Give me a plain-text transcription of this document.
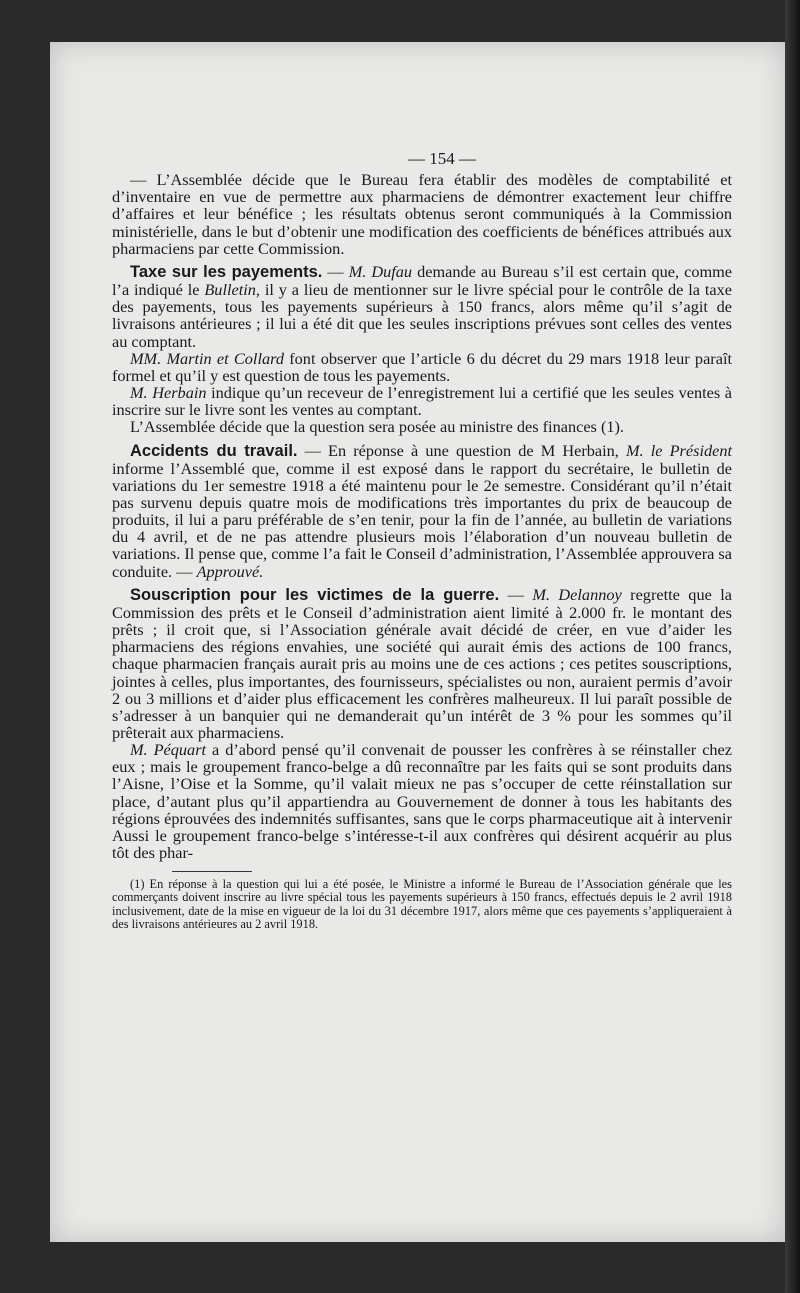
— 154 —

— L’Assemblée décide que le Bureau fera établir des modèles de comptabilité et d’inventaire en vue de permettre aux pharmaciens de démontrer exactement leur chiffre d’affaires et leur bénéfice ; les résultats obtenus seront communiqués à la Commission ministérielle, dans le but d’obtenir une modification des coefficients de bénéfices attribués aux pharmaciens par cette Commission.

Taxe sur les payements. — M. Dufau demande au Bureau s’il est certain que, comme l’a indiqué le Bulletin, il y a lieu de mentionner sur le livre spécial pour le contrôle de la taxe des payements, tous les payements supérieurs à 150 francs, alors même qu’il s’agit de livraisons antérieures ; il lui a été dit que les seules inscriptions prévues sont celles des ventes au comptant.

MM. Martin et Collard font observer que l’article 6 du décret du 29 mars 1918 leur paraît formel et qu’il y est question de tous les payements.

M. Herbain indique qu’un receveur de l’enregistrement lui a certifié que les seules ventes à inscrire sur le livre sont les ventes au comptant.

L’Assemblée décide que la question sera posée au ministre des finances (1).

Accidents du travail. — En réponse à une question de M Herbain, M. le Président informe l’Assemblé que, comme il est exposé dans le rapport du secrétaire, le bulletin de variations du 1er semestre 1918 a été maintenu pour le 2e semestre. Considérant qu’il n’était pas survenu depuis quatre mois de modifications très importantes du prix de beaucoup de produits, il lui a paru préférable de s’en tenir, pour la fin de l’année, au bulletin de variations du 4 avril, et de ne pas attendre plusieurs mois l’élaboration d’un nouveau bulletin de variations. Il pense que, comme l’a fait le Conseil d’administration, l’Assemblée approuvera sa conduite. — Approuvé.

Souscription pour les victimes de la guerre. — M. Delannoy regrette que la Commission des prêts et le Conseil d’administration aient limité à 2.000 fr. le montant des prêts ; il croit que, si l’Association générale avait décidé de créer, en vue d’aider les pharmaciens des régions envahies, une société qui aurait émis des actions de 100 francs, chaque pharmacien français aurait pris au moins une de ces actions ; ces petites souscriptions, jointes à celles, plus importantes, des fournisseurs, spécialistes ou non, auraient permis d’avoir 2 ou 3 millions et d’aider plus efficacement les confrères malheureux. Il lui paraît possible de s’adresser à un banquier qui ne demanderait qu’un intérêt de 3 % pour les sommes qu’il prêterait aux pharmaciens.

M. Péquart a d’abord pensé qu’il convenait de pousser les confrères à se réinstaller chez eux ; mais le groupement franco-belge a dû reconnaître par les faits qui se sont produits dans l’Aisne, l’Oise et la Somme, qu’il valait mieux ne pas s’occuper de cette réinstallation sur place, d’autant plus qu’il appartiendra au Gouvernement de donner à tous les habitants des régions éprouvées des indemnités suffisantes, sans que le corps pharmaceutique ait à intervenir Aussi le groupement franco-belge s’intéresse-t-il aux confrères qui désirent acquérir au plus tôt des phar-

(1) En réponse à la question qui lui a été posée, le Ministre a informé le Bureau de l’Association générale que les commerçants doivent inscrire au livre spécial tous les payements supérieurs à 150 francs, effectués depuis le 2 avril 1918 inclusivement, date de la mise en vigueur de la loi du 31 décembre 1917, alors même que ces payements s’appliqueraient à des livraisons antérieures au 2 avril 1918.
